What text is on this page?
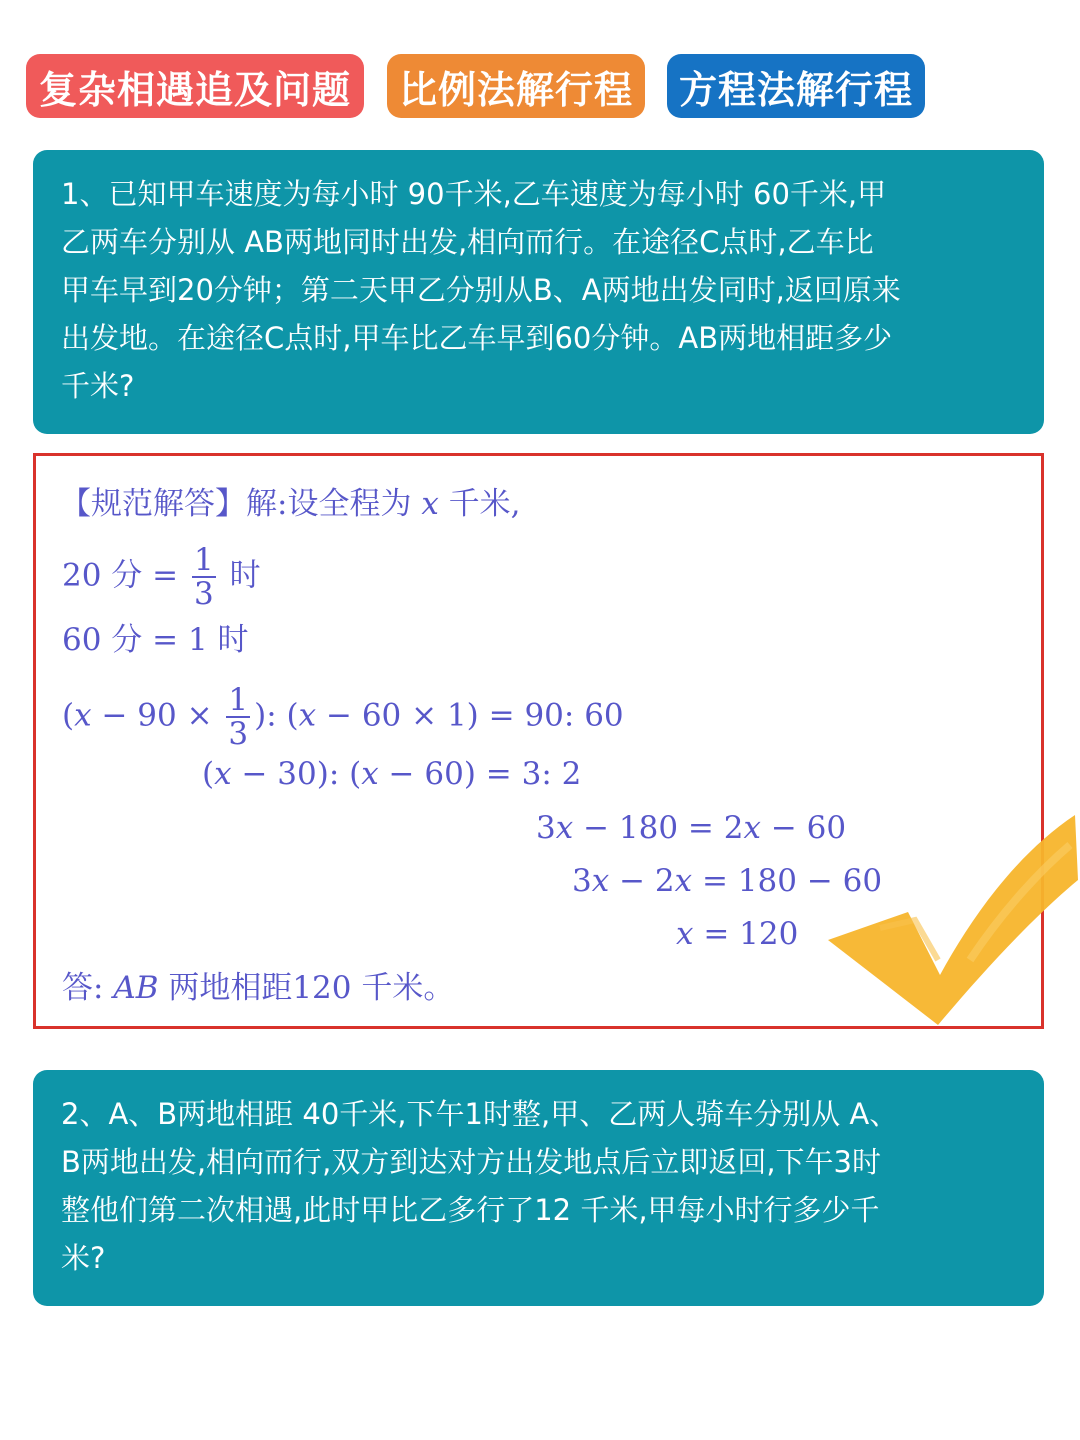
复杂相遇追及问题	比例法解行程	方程法解行程
1、已知甲车速度为每小时 90千米,乙车速度为每小时 60千米,甲
乙两车分别从 AB两地同时出发,相向而行。在途径C点时,乙车比
甲车早到20分钟；第二天甲乙分别从B、A两地出发同时,返回原来
出发地。在途径C点时,甲车比乙车早到60分钟。AB两地相距多少
千米?
【规范解答】解:设全程为 x 千米,
20 分 = $\frac{1}{3}$ 时
60 分 = 1 时
($x - 90 \times \frac{1}{3}$ ): (x − 60 × 1) = 90: 60
(x − 30): (x − 60) = 3: 2
3x − 180 = 2x − 60
3x − 2x = 180 − 60
x = 120
答: AB 两地相距120 千米。
2、A、B两地相距 40千米,下午1时整,甲、乙两人骑车分别从 A、
B两地出发,相向而行,双方到达对方出发地点后立即返回,下午3时
整他们第二次相遇,此时甲比乙多行了12 千米,甲每小时行多少千
米?
